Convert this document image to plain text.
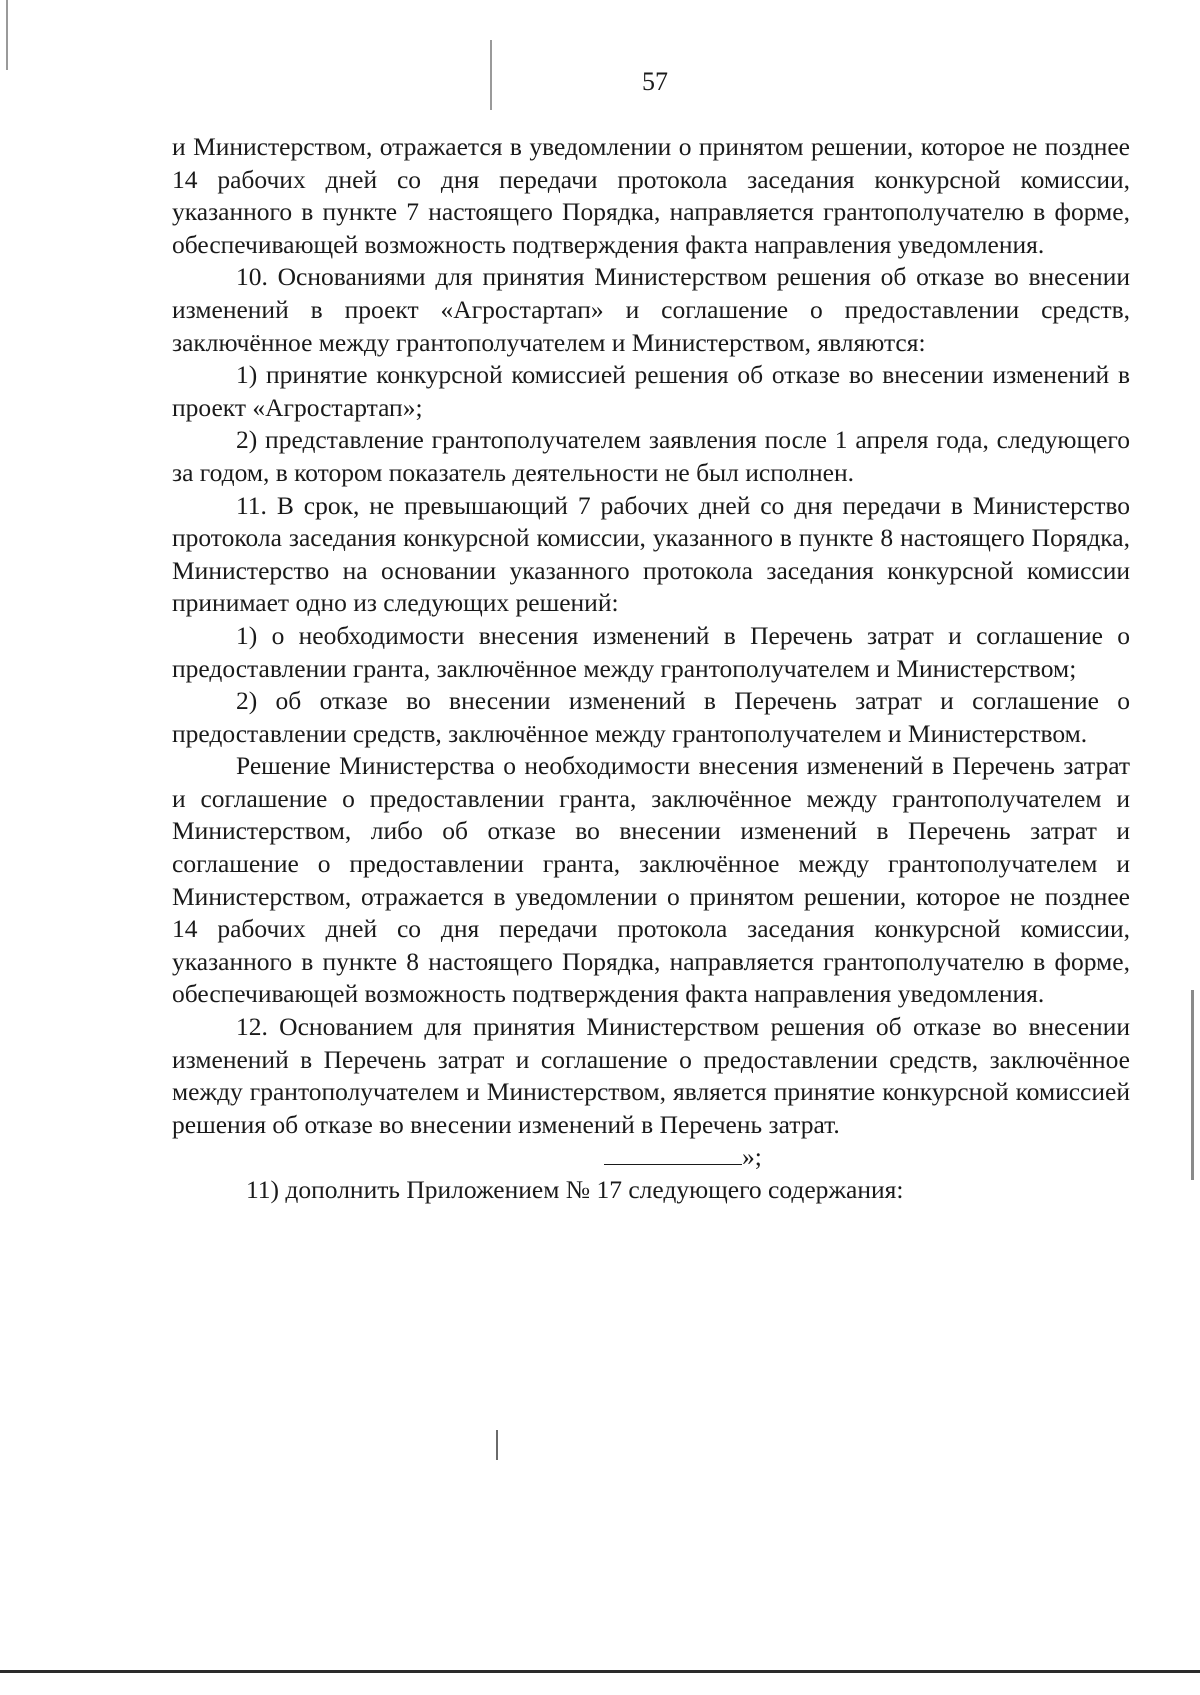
57

и Министерством, отражается в уведомлении о принятом решении, которое не позднее 14 рабочих дней со дня передачи протокола заседания конкурсной комиссии, указанного в пункте 7 настоящего Порядка, направляется грантополучателю в форме, обеспечивающей возможность подтверждения факта направления уведомления.

10. Основаниями для принятия Министерством решения об отказе во внесении изменений в проект «Агростартап» и соглашение о предоставлении средств, заключённое между грантополучателем и Министерством, являются:

1) принятие конкурсной комиссией решения об отказе во внесении изменений в проект «Агростартап»;

2) представление грантополучателем заявления после 1 апреля года, следующего за годом, в котором показатель деятельности не был исполнен.

11. В срок, не превышающий 7 рабочих дней со дня передачи в Министерство протокола заседания конкурсной комиссии, указанного в пункте 8 настоящего Порядка, Министерство на основании указанного протокола заседания конкурсной комиссии принимает одно из следующих решений:

1) о необходимости внесения изменений в Перечень затрат и соглашение о предоставлении гранта, заключённое между грантополучателем и Министерством;

2) об отказе во внесении изменений в Перечень затрат и соглашение о предоставлении средств, заключённое между грантополучателем и Министерством.

Решение Министерства о необходимости внесения изменений в Перечень затрат и соглашение о предоставлении гранта, заключённое между грантополучателем и Министерством, либо об отказе во внесении изменений в Перечень затрат и соглашение о предоставлении гранта, заключённое между грантополучателем и Министерством, отражается в уведомлении о принятом решении, которое не позднее 14 рабочих дней со дня передачи протокола заседания конкурсной комиссии, указанного в пункте 8 настоящего Порядка, направляется грантополучателю в форме, обеспечивающей возможность подтверждения факта направления уведомления.

12. Основанием для принятия Министерством решения об отказе во внесении изменений в Перечень затрат и соглашение о предоставлении средств, заключённое между грантополучателем и Министерством, является принятие конкурсной комиссией решения об отказе во внесении изменений в Перечень затрат.

»;

11) дополнить Приложением № 17 следующего содержания:
